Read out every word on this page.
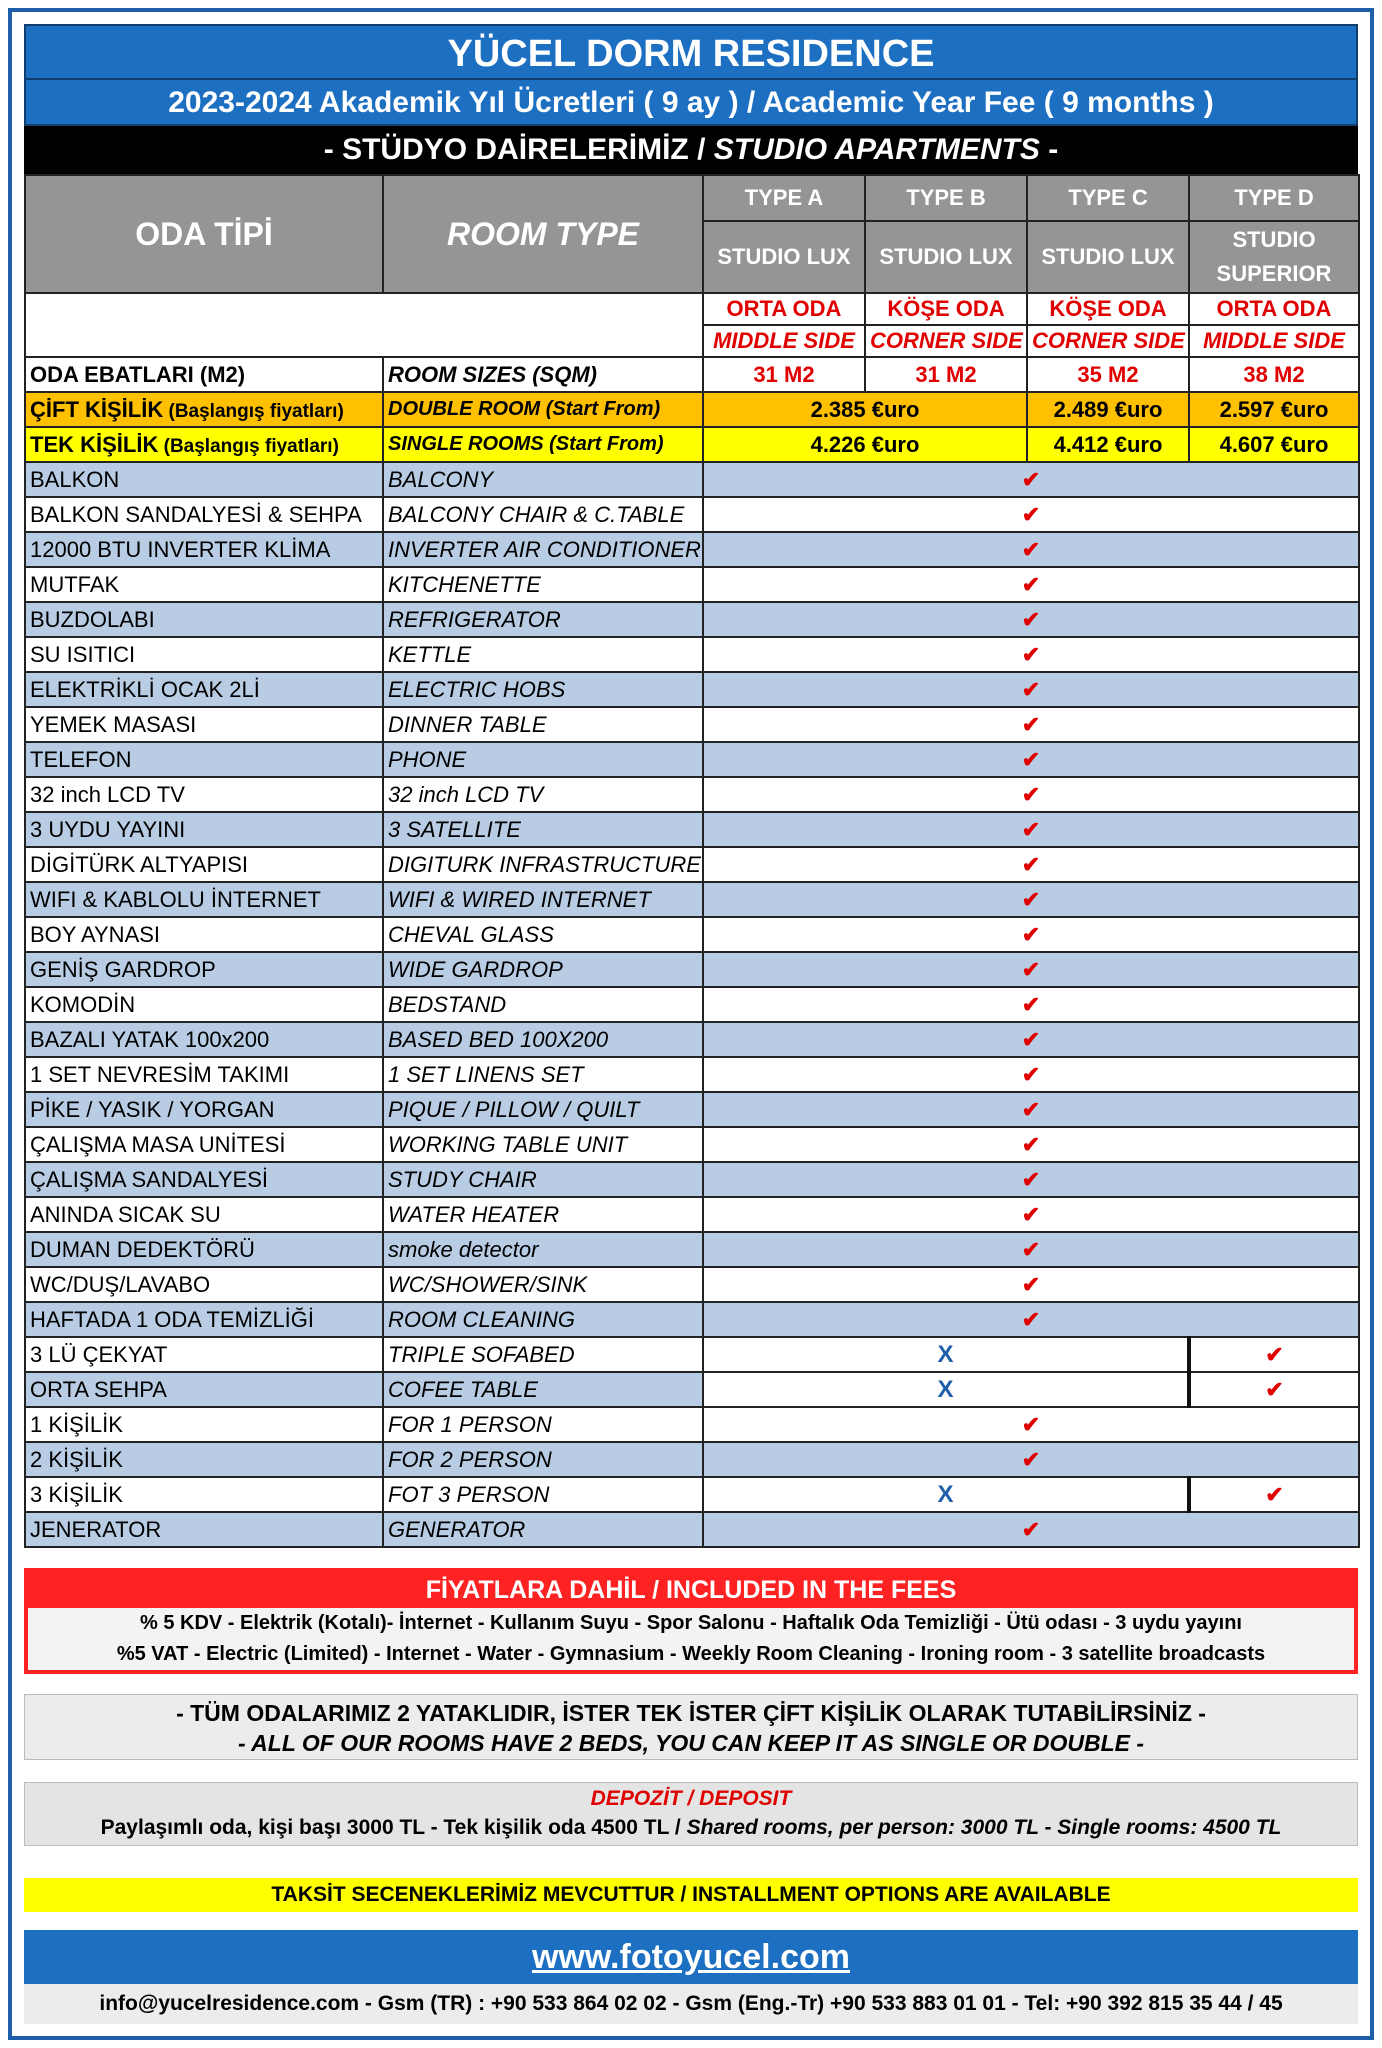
YÜCEL DORM RESIDENCE
2023-2024 Akademik Yıl Ücretleri ( 9 ay ) / Academic Year Fee ( 9 months )
- STÜDYO DAİRELERİMİZ / STUDIO APARTMENTS -
ODA TİPİ	ROOM TYPE	TYPE A	TYPE B	TYPE C	TYPE D
		STUDIO LUX	STUDIO LUX	STUDIO LUX	STUDIO SUPERIOR
		ORTA ODA	KÖŞE ODA	KÖŞE ODA	ORTA ODA
		MIDDLE SIDE	CORNER SIDE	CORNER SIDE	MIDDLE SIDE
ODA EBATLARI (M2)	ROOM SIZES (SQM)	31 M2	31 M2	35 M2	38 M2
ÇİFT KİŞİLİK (Başlangış fiyatları)	DOUBLE ROOM (Start From)	2.385 €uro		2.489 €uro	2.597 €uro
TEK KİŞİLİK (Başlangış fiyatları)	SINGLE ROOMS (Start From)	4.226 €uro		4.412 €uro	4.607 €uro
BALKON	BALCONY	✔			
BALKON SANDALYESİ & SEHPA	BALCONY CHAIR & C.TABLE	✔			
12000 BTU INVERTER KLİMA	INVERTER AIR CONDITIONER	✔			
MUTFAK	KITCHENETTE	✔			
BUZDOLABI	REFRIGERATOR	✔			
SU ISITICI	KETTLE	✔			
ELEKTRİKLİ OCAK 2Lİ	ELECTRIC HOBS	✔			
YEMEK MASASI	DINNER TABLE	✔			
TELEFON	PHONE	✔			
32 inch LCD TV	32 inch LCD TV	✔			
3 UYDU YAYINI	3 SATELLITE	✔			
DİGİTÜRK ALTYAPISI	DIGITURK INFRASTRUCTURE	✔			
WIFI & KABLOLU İNTERNET	WIFI & WIRED INTERNET	✔			
BOY AYNASI	CHEVAL GLASS	✔			
GENİŞ GARDROP	WIDE GARDROP	✔			
KOMODİN	BEDSTAND	✔			
BAZALI YATAK 100x200	BASED BED 100X200	✔			
1 SET NEVRESİM TAKIMI	1 SET LINENS SET	✔			
PİKE / YASIK / YORGAN	PIQUE / PILLOW / QUILT	✔			
ÇALIŞMA MASA UNİTESİ	WORKING TABLE UNIT	✔			
ÇALIŞMA SANDALYESİ	STUDY CHAIR	✔			
ANINDA SICAK SU	WATER HEATER	✔			
DUMAN DEDEKTÖRÜ	smoke detector	✔			
WC/DUŞ/LAVABO	WC/SHOWER/SINK	✔			
HAFTADA 1 ODA TEMİZLİĞİ	ROOM CLEANING	✔			
3 LÜ ÇEKYAT	TRIPLE SOFABED	X			✔
ORTA SEHPA	COFEE TABLE	X			✔
1 KİŞİLİK	FOR 1 PERSON	✔			
2 KİŞİLİK	FOR 2 PERSON	✔			
3 KİŞİLİK	FOT 3 PERSON	X			✔
JENERATOR	GENERATOR	✔			
FİYATLARA DAHİL / INCLUDED IN THE FEES
% 5 KDV - Elektrik (Kotalı)- İnternet - Kullanım Suyu - Spor Salonu - Haftalık Oda Temizliği - Ütü odası - 3 uydu yayını
%5 VAT - Electric (Limited) - Internet - Water - Gymnasium - Weekly Room Cleaning - Ironing room - 3 satellite broadcasts
- TÜM ODALARIMIZ 2 YATAKLIDIR, İSTER TEK İSTER ÇİFT KİŞİLİK OLARAK TUTABİLİRSİNİZ -
- ALL OF OUR ROOMS HAVE 2 BEDS, YOU CAN KEEP IT AS SINGLE OR DOUBLE -
DEPOZİT / DEPOSIT
Paylaşımlı oda, kişi başı 3000 TL - Tek kişilik oda 4500 TL / Shared rooms, per person: 3000 TL - Single rooms: 4500 TL
TAKSİT SECENEKLERİMİZ MEVCUTTUR / INSTALLMENT OPTIONS ARE AVAILABLE
www.fotoyucel.com
info@yucelresidence.com - Gsm (TR) : +90 533 864 02 02 - Gsm (Eng.-Tr) +90 533 883 01 01 - Tel: +90 392 815 35 44 / 45
